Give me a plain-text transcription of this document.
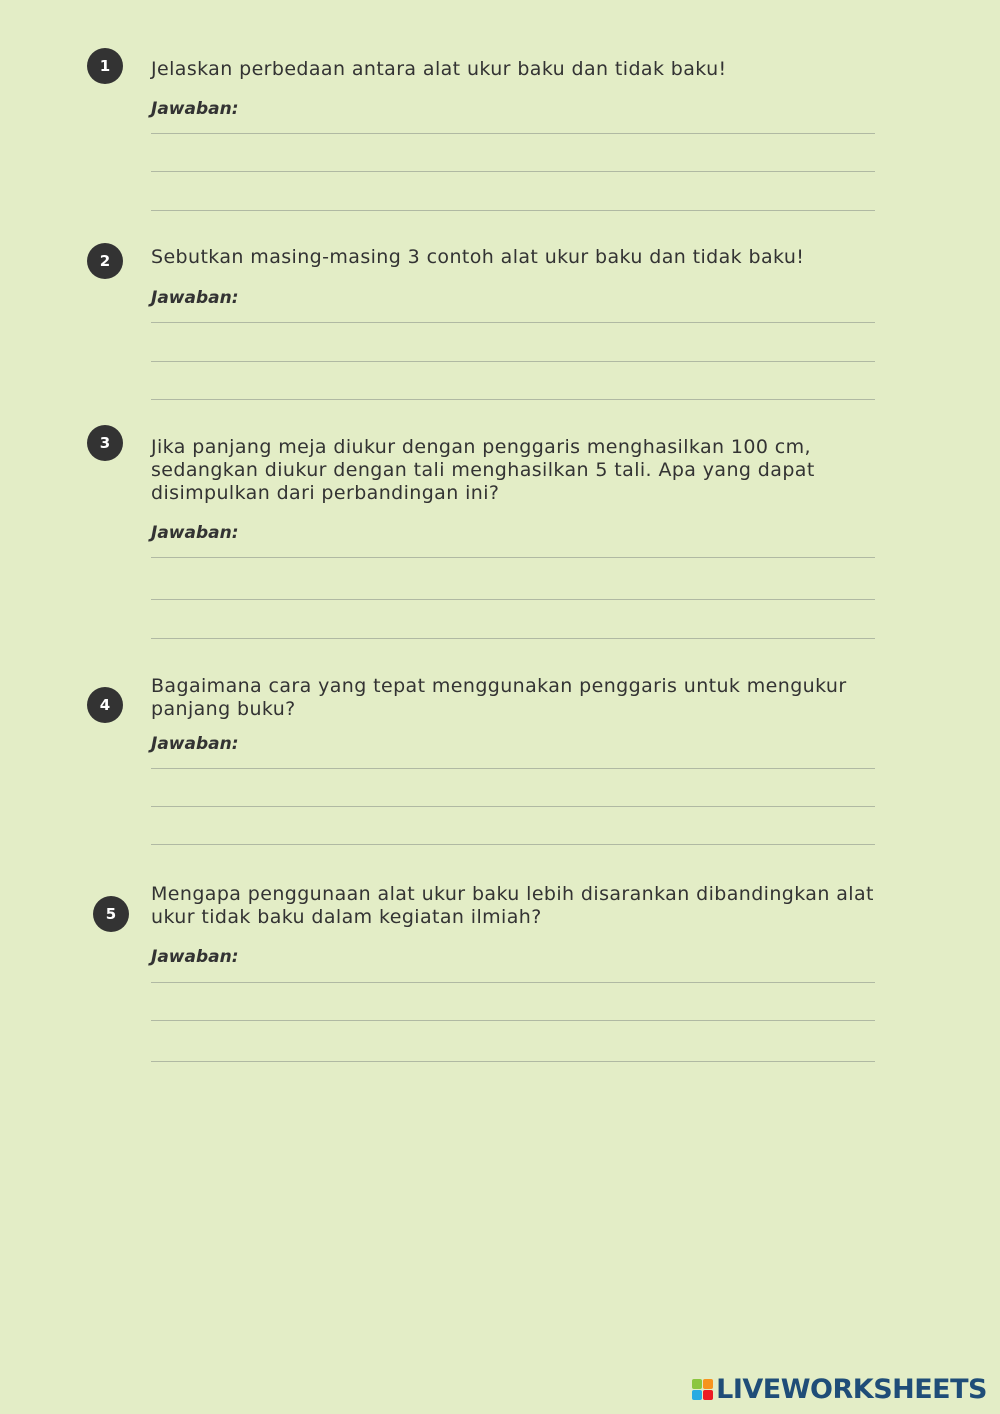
1	Jelaskan perbedaan antara alat ukur baku dan tidak baku!
Jawaban:
2	Sebutkan masing-masing 3 contoh alat ukur baku dan tidak baku!
Jawaban:
3	Jika panjang meja diukur dengan penggaris menghasilkan 100 cm,
sedangkan diukur dengan tali menghasilkan 5 tali. Apa yang dapat
disimpulkan dari perbandingan ini?
Jawaban:
4
Bagaimana cara yang tepat menggunakan penggaris untuk mengukur
panjang buku?
Jawaban:
5
Mengapa penggunaan alat ukur baku lebih disarankan dibandingkan alat
ukur tidak baku dalam kegiatan ilmiah?
Jawaban:
LIVEWORKSHEETS
